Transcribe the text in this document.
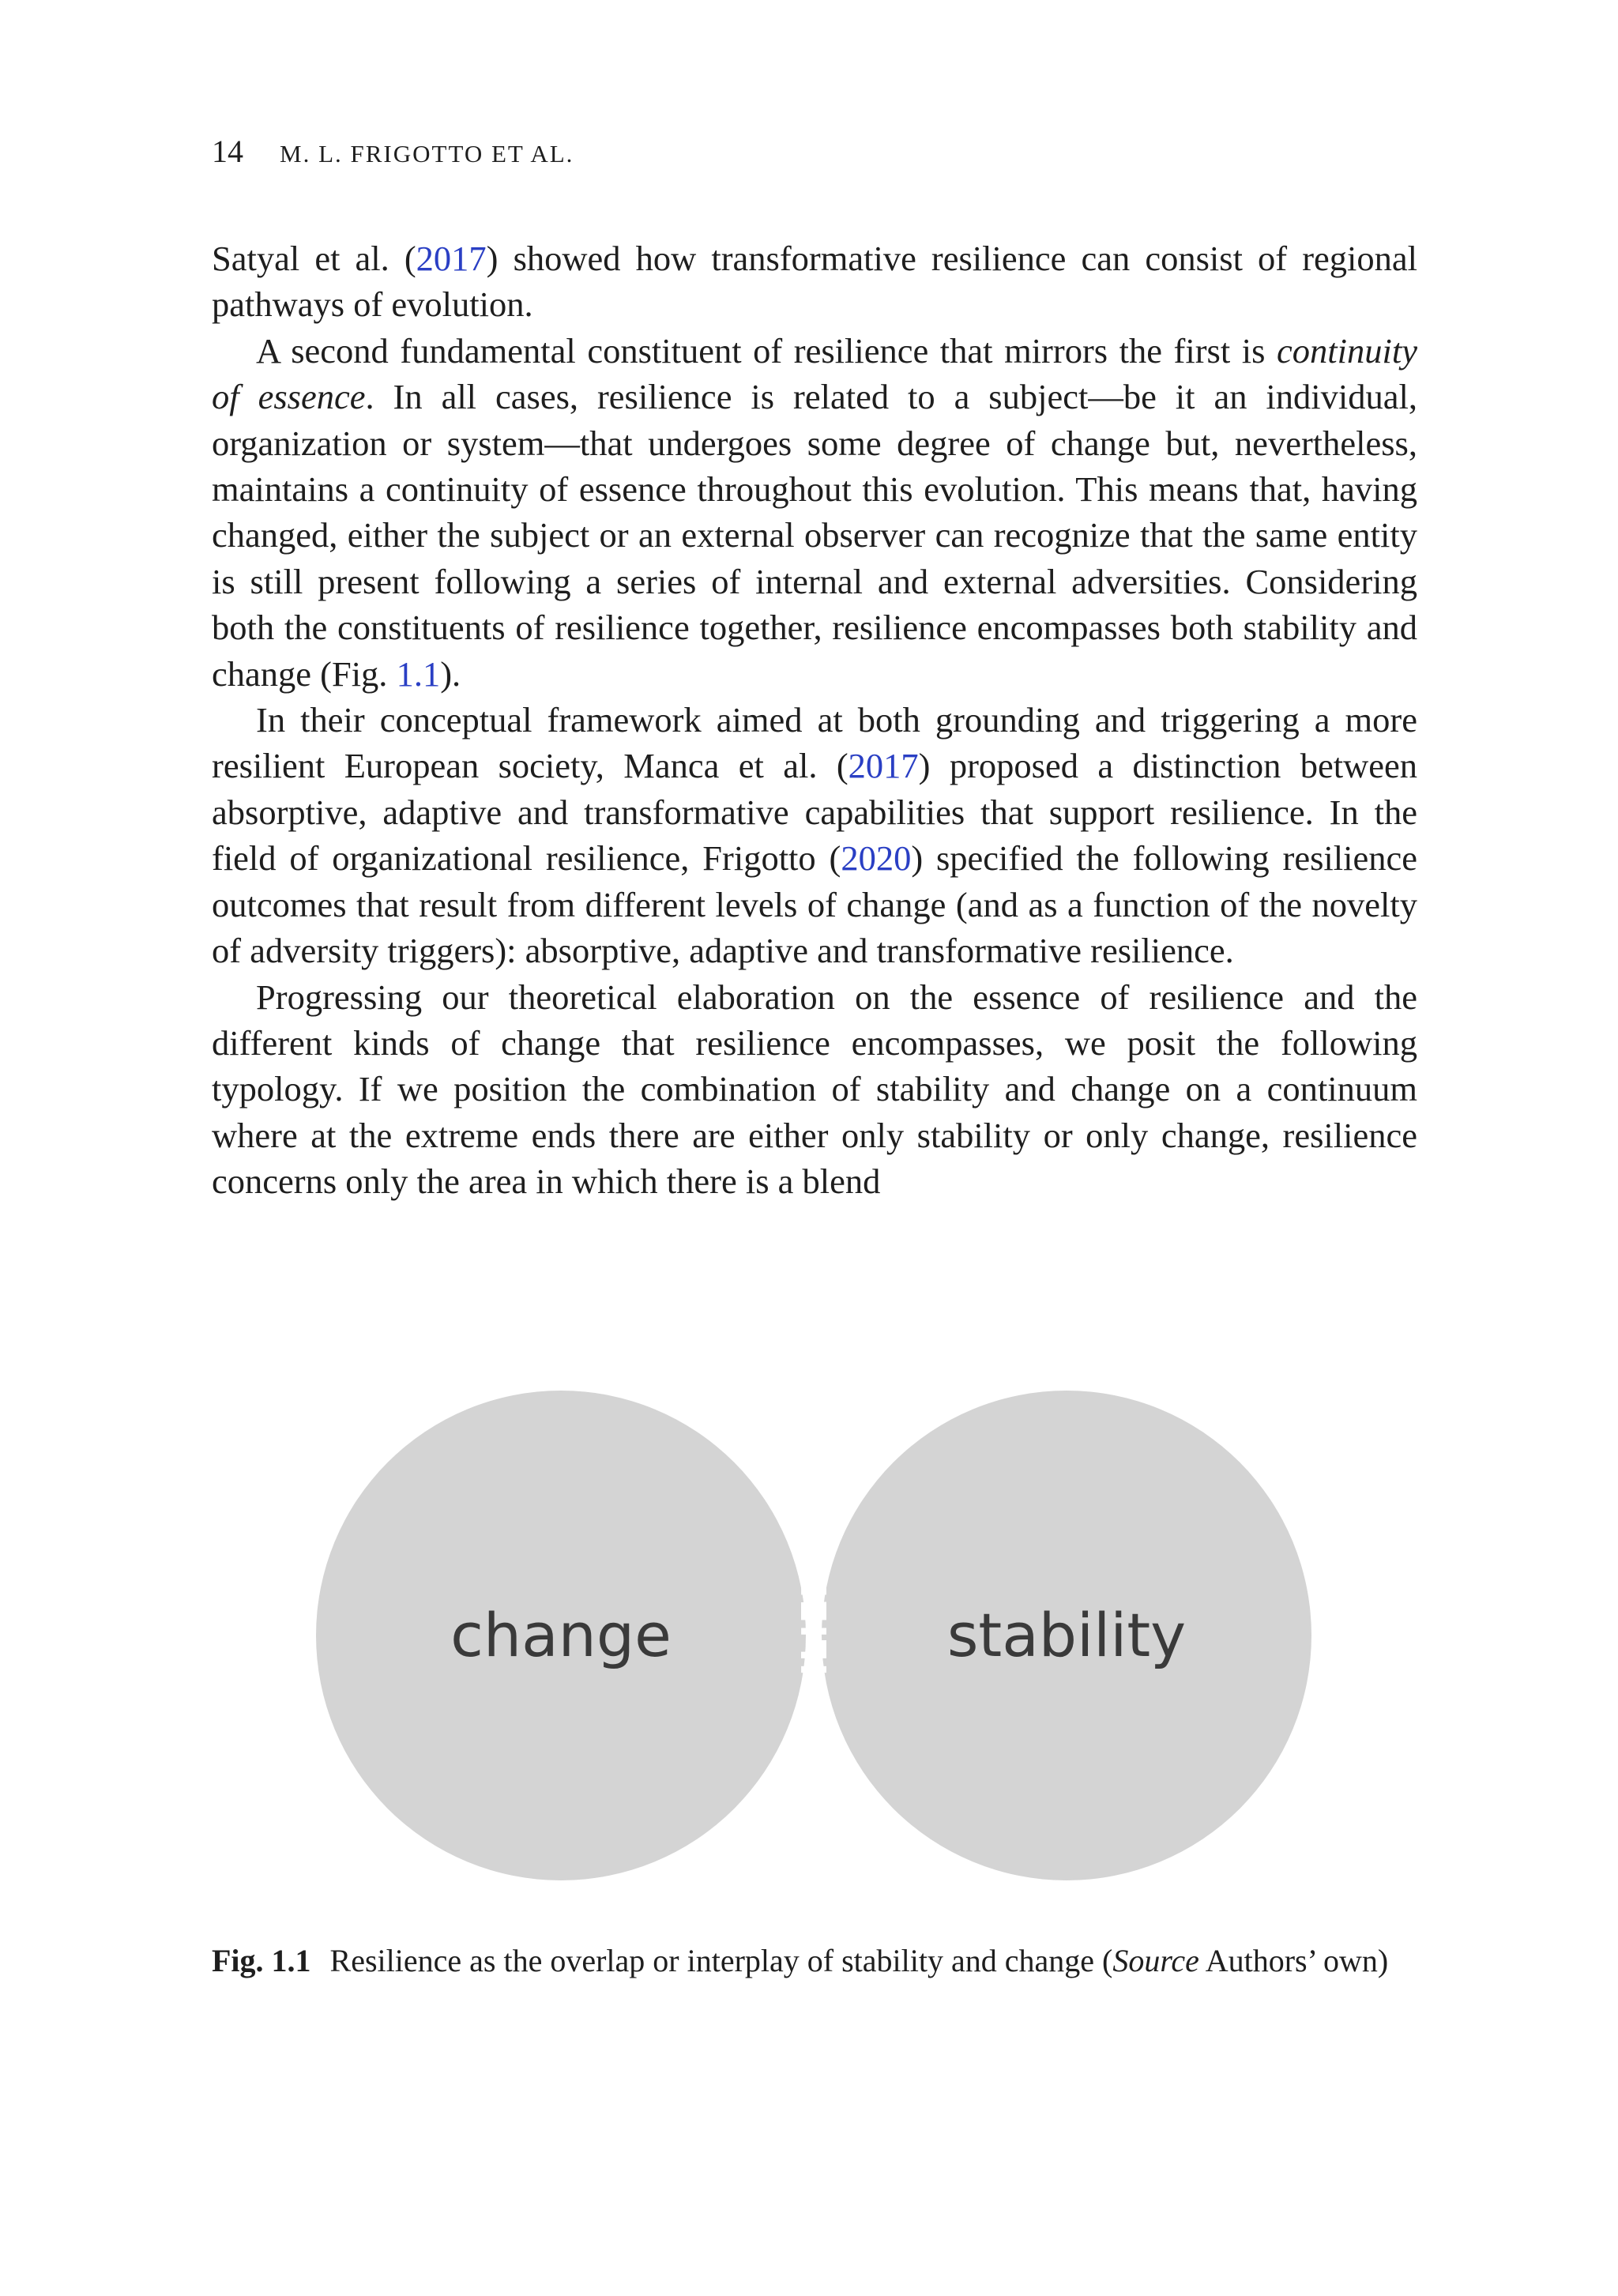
14 M. L. FRIGOTTO ET AL.

Satyal et al. (2017) showed how transformative resilience can consist of regional pathways of evolution.

A second fundamental constituent of resilience that mirrors the first is continuity of essence. In all cases, resilience is related to a subject—be it an individual, organization or system—that undergoes some degree of change but, nevertheless, maintains a continuity of essence throughout this evolution. This means that, having changed, either the subject or an external observer can recognize that the same entity is still present following a series of internal and external adversities. Considering both the constituents of resilience together, resilience encompasses both stability and change (Fig. 1.1).

In their conceptual framework aimed at both grounding and triggering a more resilient European society, Manca et al. (2017) proposed a distinction between absorptive, adaptive and transformative capabilities that support resilience. In the field of organizational resilience, Frigotto (2020) specified the following resilience outcomes that result from different levels of change (and as a function of the novelty of adversity triggers): absorptive, adaptive and transformative resilience.

Progressing our theoretical elaboration on the essence of resilience and the different kinds of change that resilience encompasses, we posit the following typology. If we position the combination of stability and change on a continuum where at the extreme ends there are either only stability or only change, resilience concerns only the area in which there is a blend

change	stability
RESILIENCE
Fig. 1.1 Resilience as the overlap or interplay of stability and change (Source Authors’ own)
